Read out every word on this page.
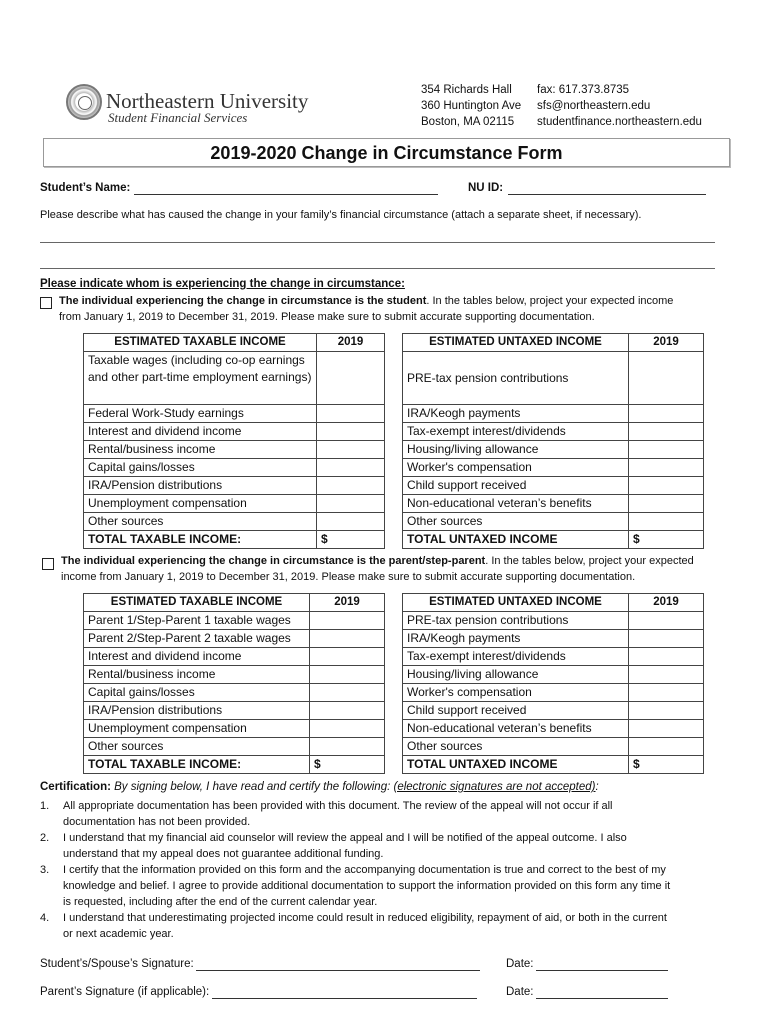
Northeastern University
Student Financial Services
354 Richards Hall
360 Huntington Ave
Boston, MA 02115
fax: 617.373.8735
sfs@northeastern.edu
studentfinance.northeastern.edu
2019-2020 Change in Circumstance Form
Student’s Name:	NU ID:
Please describe what has caused the change in your family’s financial circumstance (attach a separate sheet, if necessary).
Please indicate whom is experiencing the change in circumstance:
The individual experiencing the change in circumstance is the student. In the tables below, project your expected income
from January 1, 2019 to December 31, 2019. Please make sure to submit accurate supporting documentation.
ESTIMATED TAXABLE INCOME	2019
Taxable wages (including co-op earnings and other part-time employment earnings)	
Federal Work-Study earnings	
Interest and dividend income	
Rental/business income	
Capital gains/losses	
IRA/Pension distributions	
Unemployment compensation	
Other sources	
TOTAL TAXABLE INCOME:	$
ESTIMATED UNTAXED INCOME	2019
PRE-tax pension contributions	
IRA/Keogh payments	
Tax-exempt interest/dividends	
Housing/living allowance	
Worker's compensation	
Child support received	
Non-educational veteran’s benefits	
Other sources	
TOTAL UNTAXED INCOME	$
The individual experiencing the change in circumstance is the parent/step-parent. In the tables below, project your expected
income from January 1, 2019 to December 31, 2019. Please make sure to submit accurate supporting documentation.
ESTIMATED TAXABLE INCOME	2019
Parent 1/Step-Parent 1 taxable wages	
Parent 2/Step-Parent 2 taxable wages	
Interest and dividend income	
Rental/business income	
Capital gains/losses	
IRA/Pension distributions	
Unemployment compensation	
Other sources	
TOTAL TAXABLE INCOME:	$
ESTIMATED UNTAXED INCOME	2019
PRE-tax pension contributions	
IRA/Keogh payments	
Tax-exempt interest/dividends	
Housing/living allowance	
Worker's compensation	
Child support received	
Non-educational veteran’s benefits	
Other sources	
TOTAL UNTAXED INCOME	$
Certification: By signing below, I have read and certify the following: (electronic signatures are not accepted):
1. All appropriate documentation has been provided with this document. The review of the appeal will not occur if all
documentation has not been provided.
2. I understand that my financial aid counselor will review the appeal and I will be notified of the appeal outcome. I also
understand that my appeal does not guarantee additional funding.
3. I certify that the information provided on this form and the accompanying documentation is true and correct to the best of my
knowledge and belief. I agree to provide additional documentation to support the information provided on this form any time it
is requested, including after the end of the current calendar year.
4. I understand that underestimating projected income could result in reduced eligibility, repayment of aid, or both in the current
or next academic year.
Student’s/Spouse’s Signature:	Date:
Parent’s Signature (if applicable):	Date:
